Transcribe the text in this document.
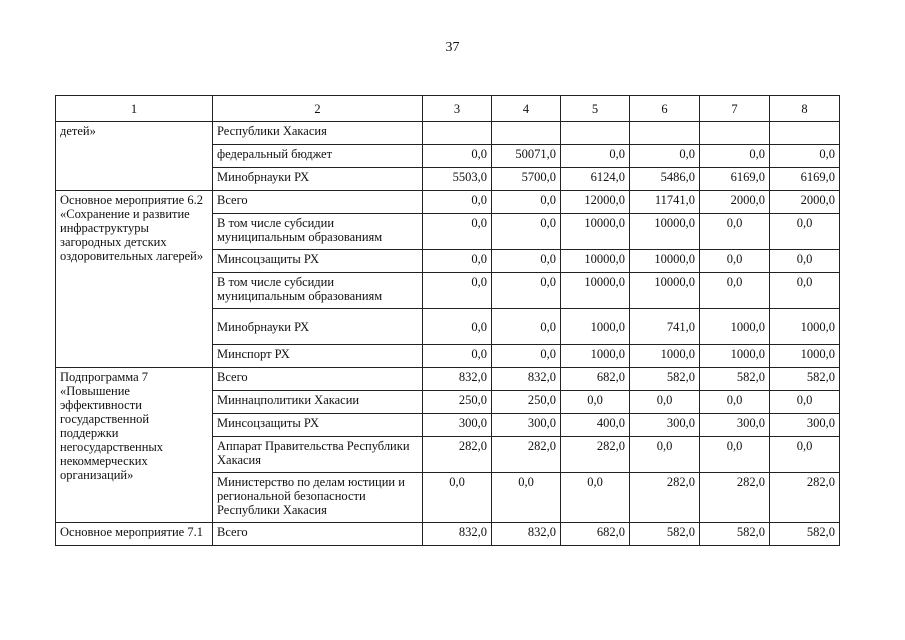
37
1	2	3	4	5	6	7	8
детей»	Республики Хакасия						
	федеральный бюджет	0,0	50071,0	0,0	0,0	0,0	0,0
	Минобрнауки РХ	5503,0	5700,0	6124,0	5486,0	6169,0	6169,0
Основное мероприятие 6.2 «Сохранение и развитие инфраструктуры загородных детских оздоровительных лагерей»	Всего	0,0	0,0	12000,0	11741,0	2000,0	2000,0
	В том числе субсидии муниципальным образованиям	0,0	0,0	10000,0	10000,0	0,0	0,0
	Минсоцзащиты РХ	0,0	0,0	10000,0	10000,0	0,0	0,0
	В том числе субсидии муниципальным образованиям	0,0	0,0	10000,0	10000,0	0,0	0,0
	Минобрнауки РХ	0,0	0,0	1000,0	741,0	1000,0	1000,0
	Минспорт РХ	0,0	0,0	1000,0	1000,0	1000,0	1000,0
Подпрограмма 7 «Повышение эффективности государственной поддержки негосударственных некоммерческих организаций»	Всего	832,0	832,0	682,0	582,0	582,0	582,0
	Миннацполитики Хакасии	250,0	250,0	0,0	0,0	0,0	0,0
	Минсоцзащиты РХ	300,0	300,0	400,0	300,0	300,0	300,0
	Аппарат Правительства Республики Хакасия	282,0	282,0	282,0	0,0	0,0	0,0
	Министерство по делам юстиции и региональной безопасности Республики Хакасия	0,0	0,0	0,0	282,0	282,0	282,0
Основное мероприятие 7.1	Всего	832,0	832,0	682,0	582,0	582,0	582,0
